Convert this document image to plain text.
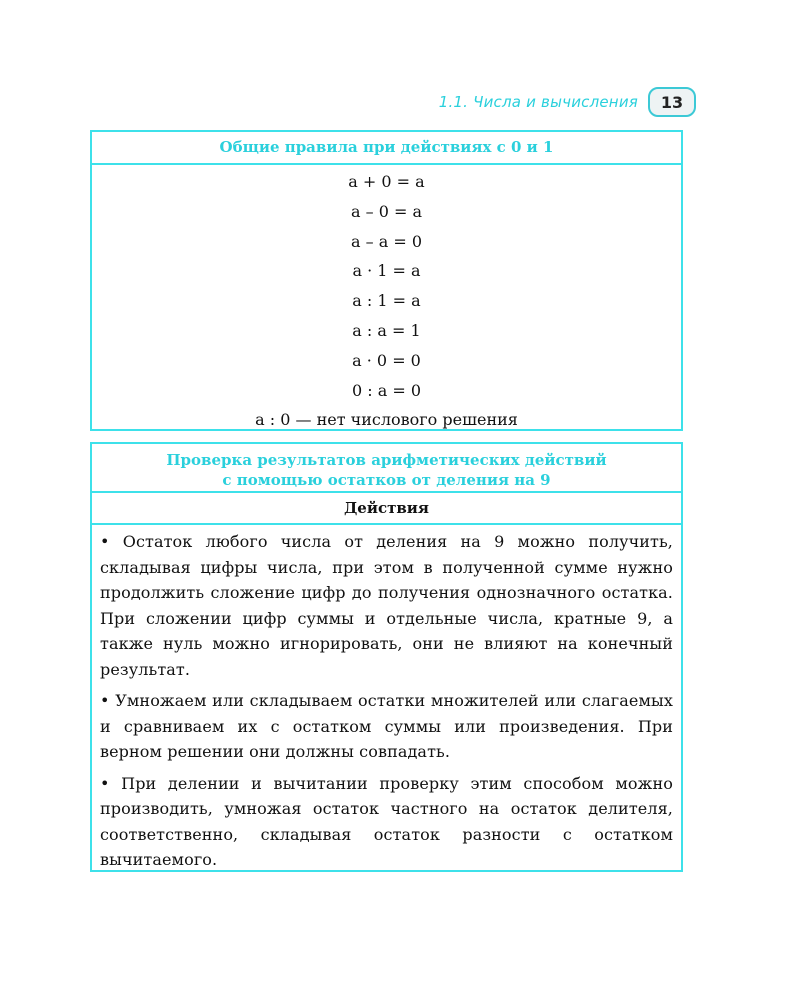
1.1. Числа и вычисления	13
Общие правила при действиях с 0 и 1
a + 0 = a
a – 0 = a
a – a = 0
a · 1 = a
a : 1 = a
a : a = 1
a · 0 = 0
0 : a = 0
a : 0 — нет числового решения
Проверка результатов арифметических действий
с помощью остатков от деления на 9
Действия

• Остаток любого числа от деления на 9 можно получить, складывая цифры числа, при этом в полученной сумме нужно продолжить сложение цифр до получения однозначного остатка. При сложении цифр суммы и отдельные числа, кратные 9, а также нуль можно игнорировать, они не влияют на конечный результат.

• Умножаем или складываем остатки множителей или слагаемых и сравниваем их с остатком суммы или произведения. При верном решении они должны совпадать.

• При делении и вычитании проверку этим способом можно производить, умножая остаток частного на остаток делителя, соответственно, складывая остаток разности с остатком вычитаемого.
